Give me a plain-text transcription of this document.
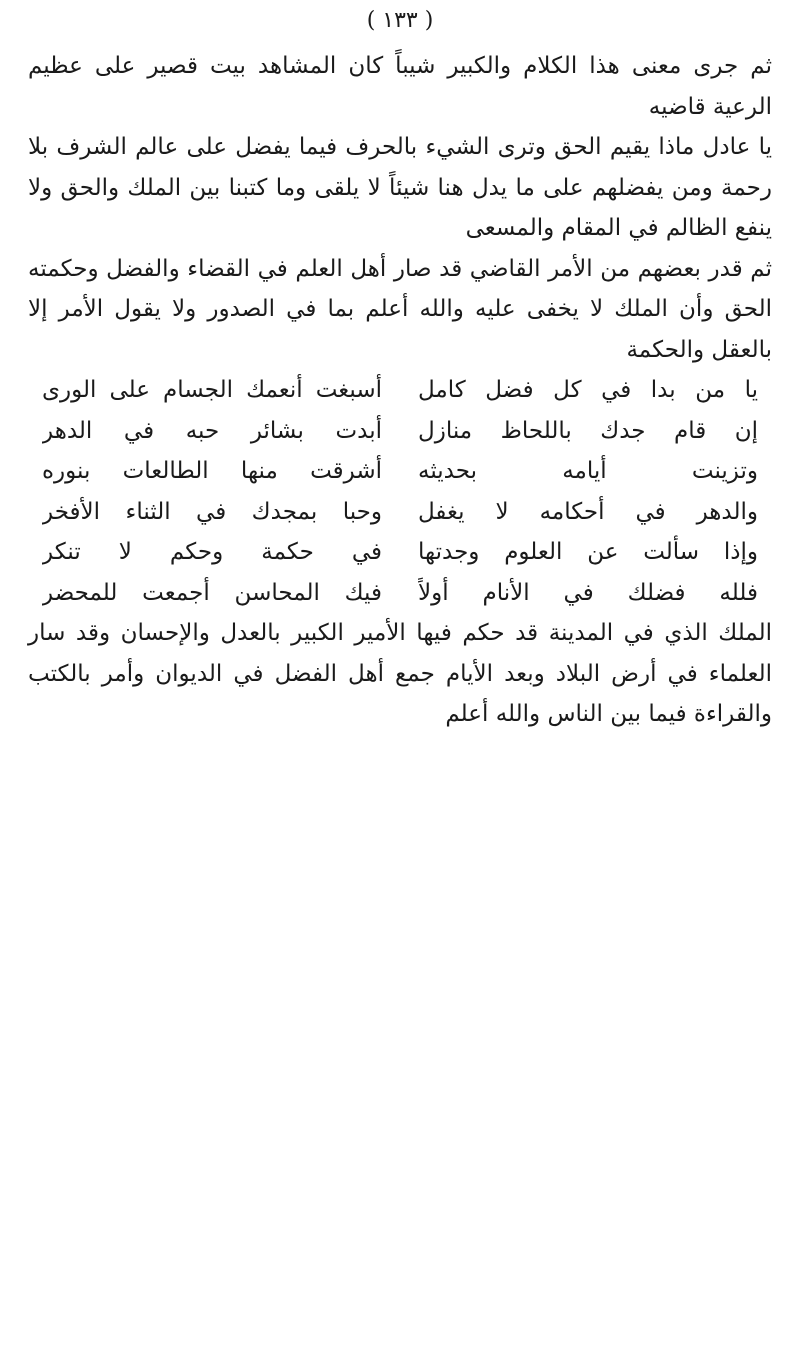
( ١٣٣ )

ثم جرى معنى هذا الكلام والكبير شيباً كان المشاهد بيت قصير على عظيم الرعية قاضيه

يا عادل ماذا يقيم الحق وترى الشيء بالحرف فيما يفضل على عالم الشرف بلا رحمة ومن يفضلهم على ما يدل هنا شيئاً لا يلقى وما كتبنا بين الملك والحق ولا ينفع الظالم في المقام والمسعى

ثم قدر بعضهم من الأمر القاضي قد صار أهل العلم في القضاء والفضل وحكمته الحق وأن الملك لا يخفى عليه والله أعلم بما في الصدور ولا يقول الأمر إلا بالعقل والحكمة

يا من بدا في كل فضل كامل
أسبغت أنعمك الجسام على الورى
إن قام جدك باللحاظ منازل
أبدت بشائر حبه في الدهر
وتزينت أيامه بحديثه
أشرقت منها الطالعات بنوره
والدهر في أحكامه لا يغفل
وحبا بمجدك في الثناء الأفخر
وإذا سألت عن العلوم وجدتها
في حكمة وحكم لا تنكر
فلله فضلك في الأنام أولاً
فيك المحاسن أجمعت للمحضر

الملك الذي في المدينة قد حكم فيها الأمير الكبير بالعدل والإحسان وقد سار العلماء في أرض البلاد وبعد الأيام جمع أهل الفضل في الديوان وأمر بالكتب والقراءة فيما بين الناس والله أعلم
